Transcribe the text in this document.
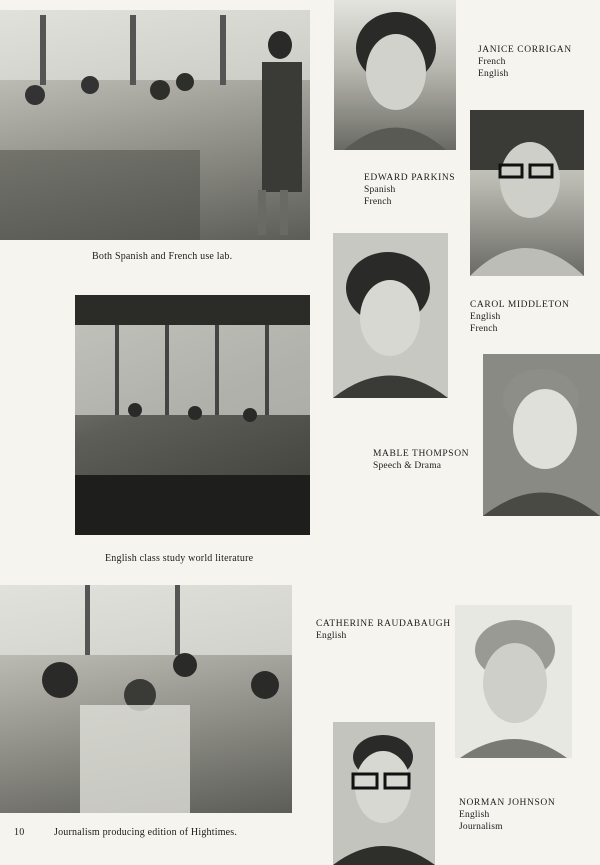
Both Spanish and French use lab.
English class study world literature
10	Journalism producing edition of Hightimes.
JANICE CORRIGAN
French
English
EDWARD PARKINS
Spanish
French
CAROL MIDDLETON
English
French
MABLE THOMPSON
Speech & Drama
CATHERINE RAUDABAUGH
English
NORMAN JOHNSON
English
Journalism
